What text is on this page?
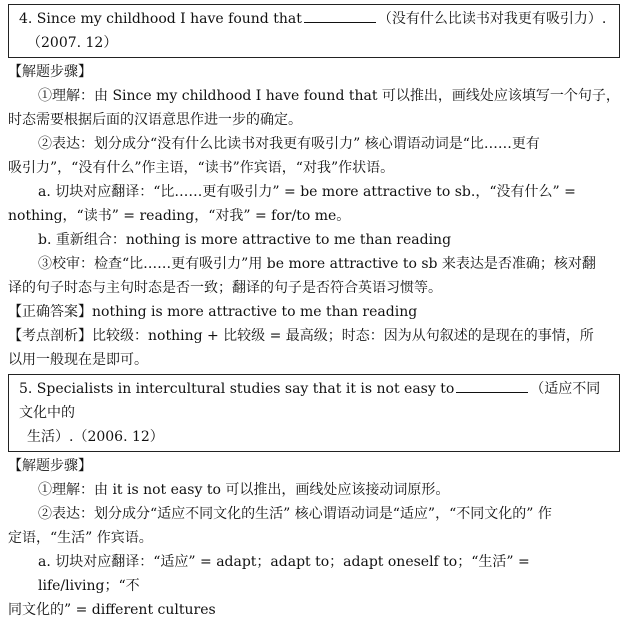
4. Since my childhood I have found that	（没有什么比读书对我更有吸引力）.
（2007. 12）
【解题步骤】
①理解：由 Since my childhood I have found that 可以推出，画线处应该填写一个句子，
时态需要根据后面的汉语意思作进一步的确定。
②表达：划分成分“没有什么比读书对我更有吸引力” 核心谓语动词是“比……更有
吸引力”，“没有什么”作主语，“读书”作宾语，“对我”作状语。
a. 切块对应翻译：“比……更有吸引力” = be more attractive to sb.，“没有什么” =
nothing，“读书” = reading，“对我” = for/to me。
b. 重新组合：nothing is more attractive to me than reading
③校审：检查“比……更有吸引力”用 be more attractive to sb 来表达是否准确；核对翻
译的句子时态与主句时态是否一致；翻译的句子是否符合英语习惯等。
【正确答案】nothing is more attractive to me than reading
【考点剖析】比较级：nothing + 比较级 = 最高级；时态：因为从句叙述的是现在的事情，所
以用一般现在是即可。
5. Specialists in intercultural studies say that it is not easy to	（适应不同文化中的
生活）.（2006. 12）
【解题步骤】
①理解：由 it is not easy to 可以推出，画线处应该接动词原形。
②表达：划分成分“适应不同文化的生活” 核心谓语动词是“适应”，“不同文化的” 作
定语，“生活” 作宾语。
a. 切块对应翻译：“适应” = adapt；adapt to；adapt oneself to；“生活” = life/living；“不
同文化的” = different cultures
